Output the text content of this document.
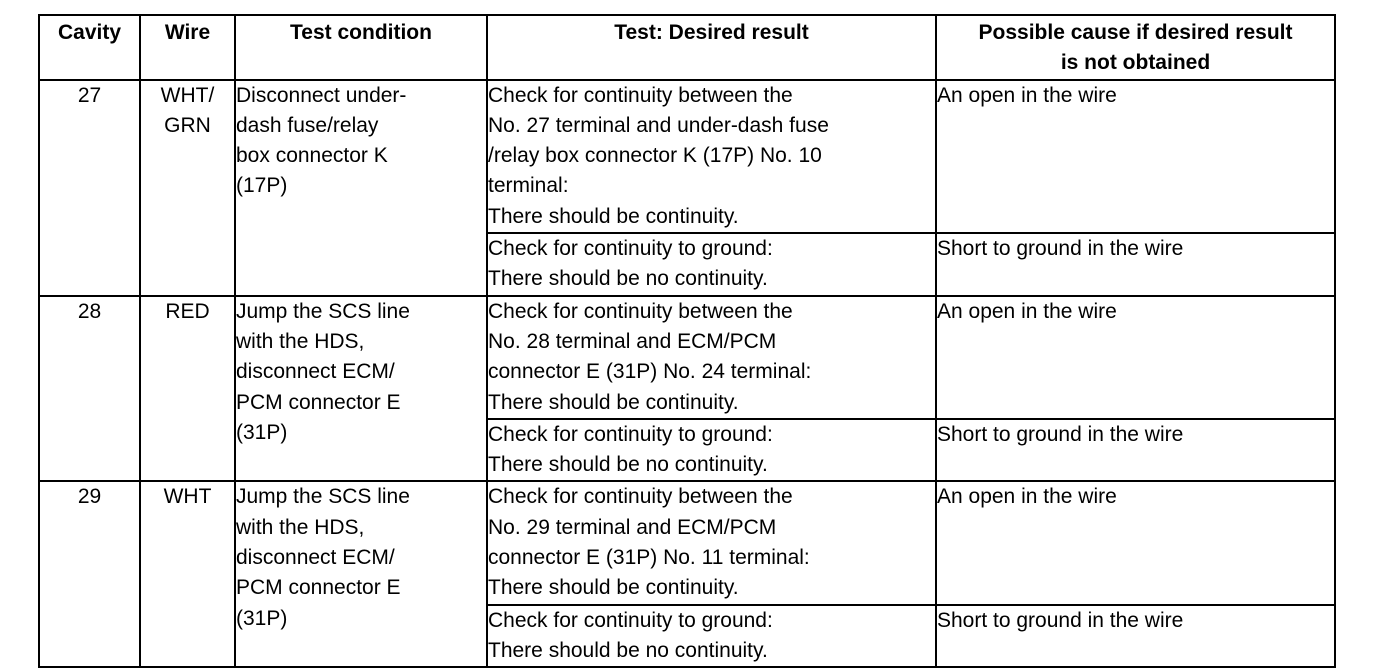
Cavity	Wire	Test condition	Test: Desired result	Possible cause if desired result
is not obtained

27	WHT/
GRN	Disconnect under-
dash fuse/relay
box connector K
(17P)	Check for continuity between the
No. 27 terminal and under-dash fuse
/relay box connector K (17P) No. 10
terminal:
There should be continuity.	An open in the wire

			Check for continuity to ground:
There should be no continuity.	Short to ground in the wire
28	RED	Jump the SCS line
with the HDS,
disconnect ECM/
PCM connector E
(31P)	Check for continuity between the
No. 28 terminal and ECM/PCM
connector E (31P) No. 24 terminal:
There should be continuity.	An open in the wire

			Check for continuity to ground:
There should be no continuity.	Short to ground in the wire
29	WHT	Jump the SCS line
with the HDS,
disconnect ECM/
PCM connector E
(31P)	Check for continuity between the
No. 29 terminal and ECM/PCM
connector E (31P) No. 11 terminal:
There should be continuity.	An open in the wire

			Check for continuity to ground:
There should be no continuity.	Short to ground in the wire
